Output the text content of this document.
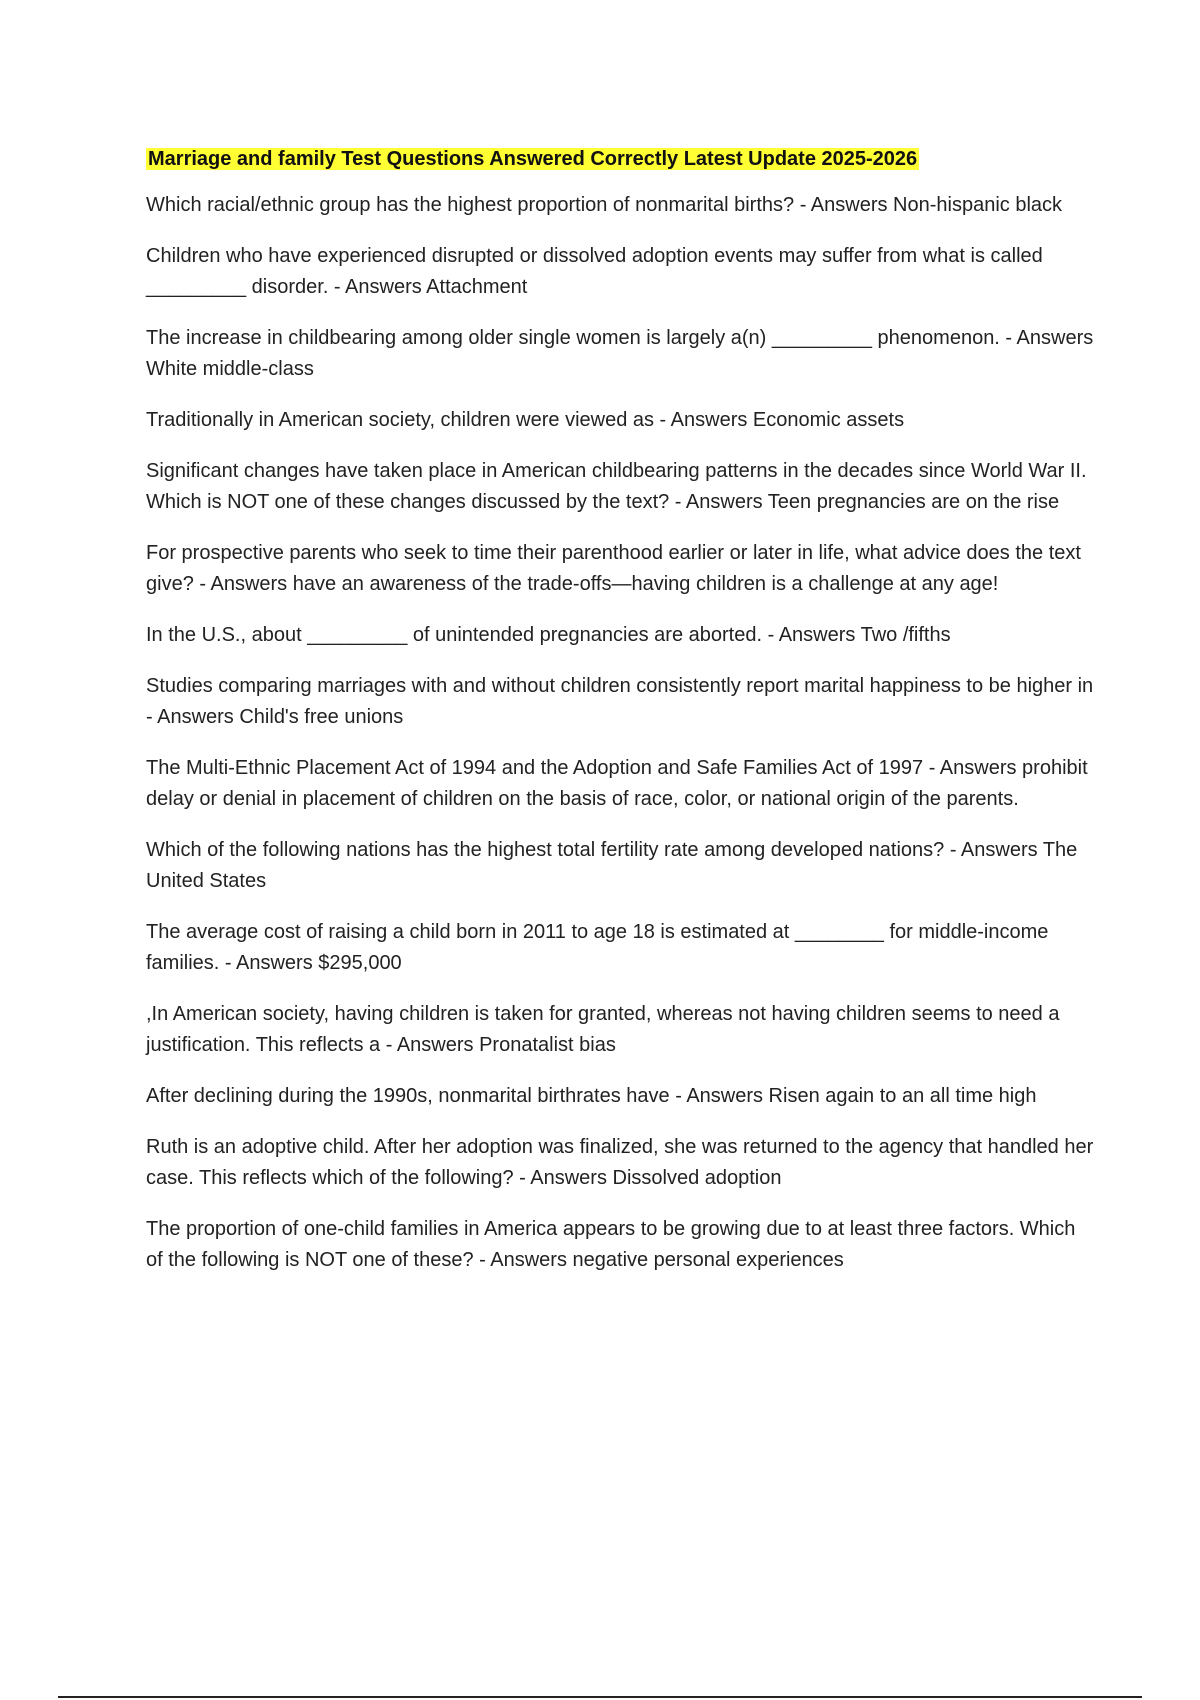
Marriage and family Test Questions Answered Correctly Latest Update 2025-2026

Which racial/ethnic group has the highest proportion of nonmarital births? - Answers Non-hispanic black

Children who have experienced disrupted or dissolved adoption events may suffer from what is called _________ disorder. - Answers Attachment

The increase in childbearing among older single women is largely a(n) _________ phenomenon. - Answers White middle-class

Traditionally in American society, children were viewed as - Answers Economic assets

Significant changes have taken place in American childbearing patterns in the decades since World War II. Which is NOT one of these changes discussed by the text? - Answers Teen pregnancies are on the rise

For prospective parents who seek to time their parenthood earlier or later in life, what advice does the text give? - Answers have an awareness of the trade-offs—having children is a challenge at any age!

In the U.S., about _________ of unintended pregnancies are aborted. - Answers Two /fifths

Studies comparing marriages with and without children consistently report marital happiness to be higher in - Answers Child's free unions

The Multi-Ethnic Placement Act of 1994 and the Adoption and Safe Families Act of 1997 - Answers prohibit delay or denial in placement of children on the basis of race, color, or national origin of the parents.

Which of the following nations has the highest total fertility rate among developed nations? - Answers The United States

The average cost of raising a child born in 2011 to age 18 is estimated at ________ for middle-income families. - Answers $295,000

,In American society, having children is taken for granted, whereas not having children seems to need a justification. This reflects a - Answers Pronatalist bias

After declining during the 1990s, nonmarital birthrates have - Answers Risen again to an all time high

Ruth is an adoptive child. After her adoption was finalized, she was returned to the agency that handled her case. This reflects which of the following? - Answers Dissolved adoption

The proportion of one-child families in America appears to be growing due to at least three factors. Which of the following is NOT one of these? - Answers negative personal experiences
